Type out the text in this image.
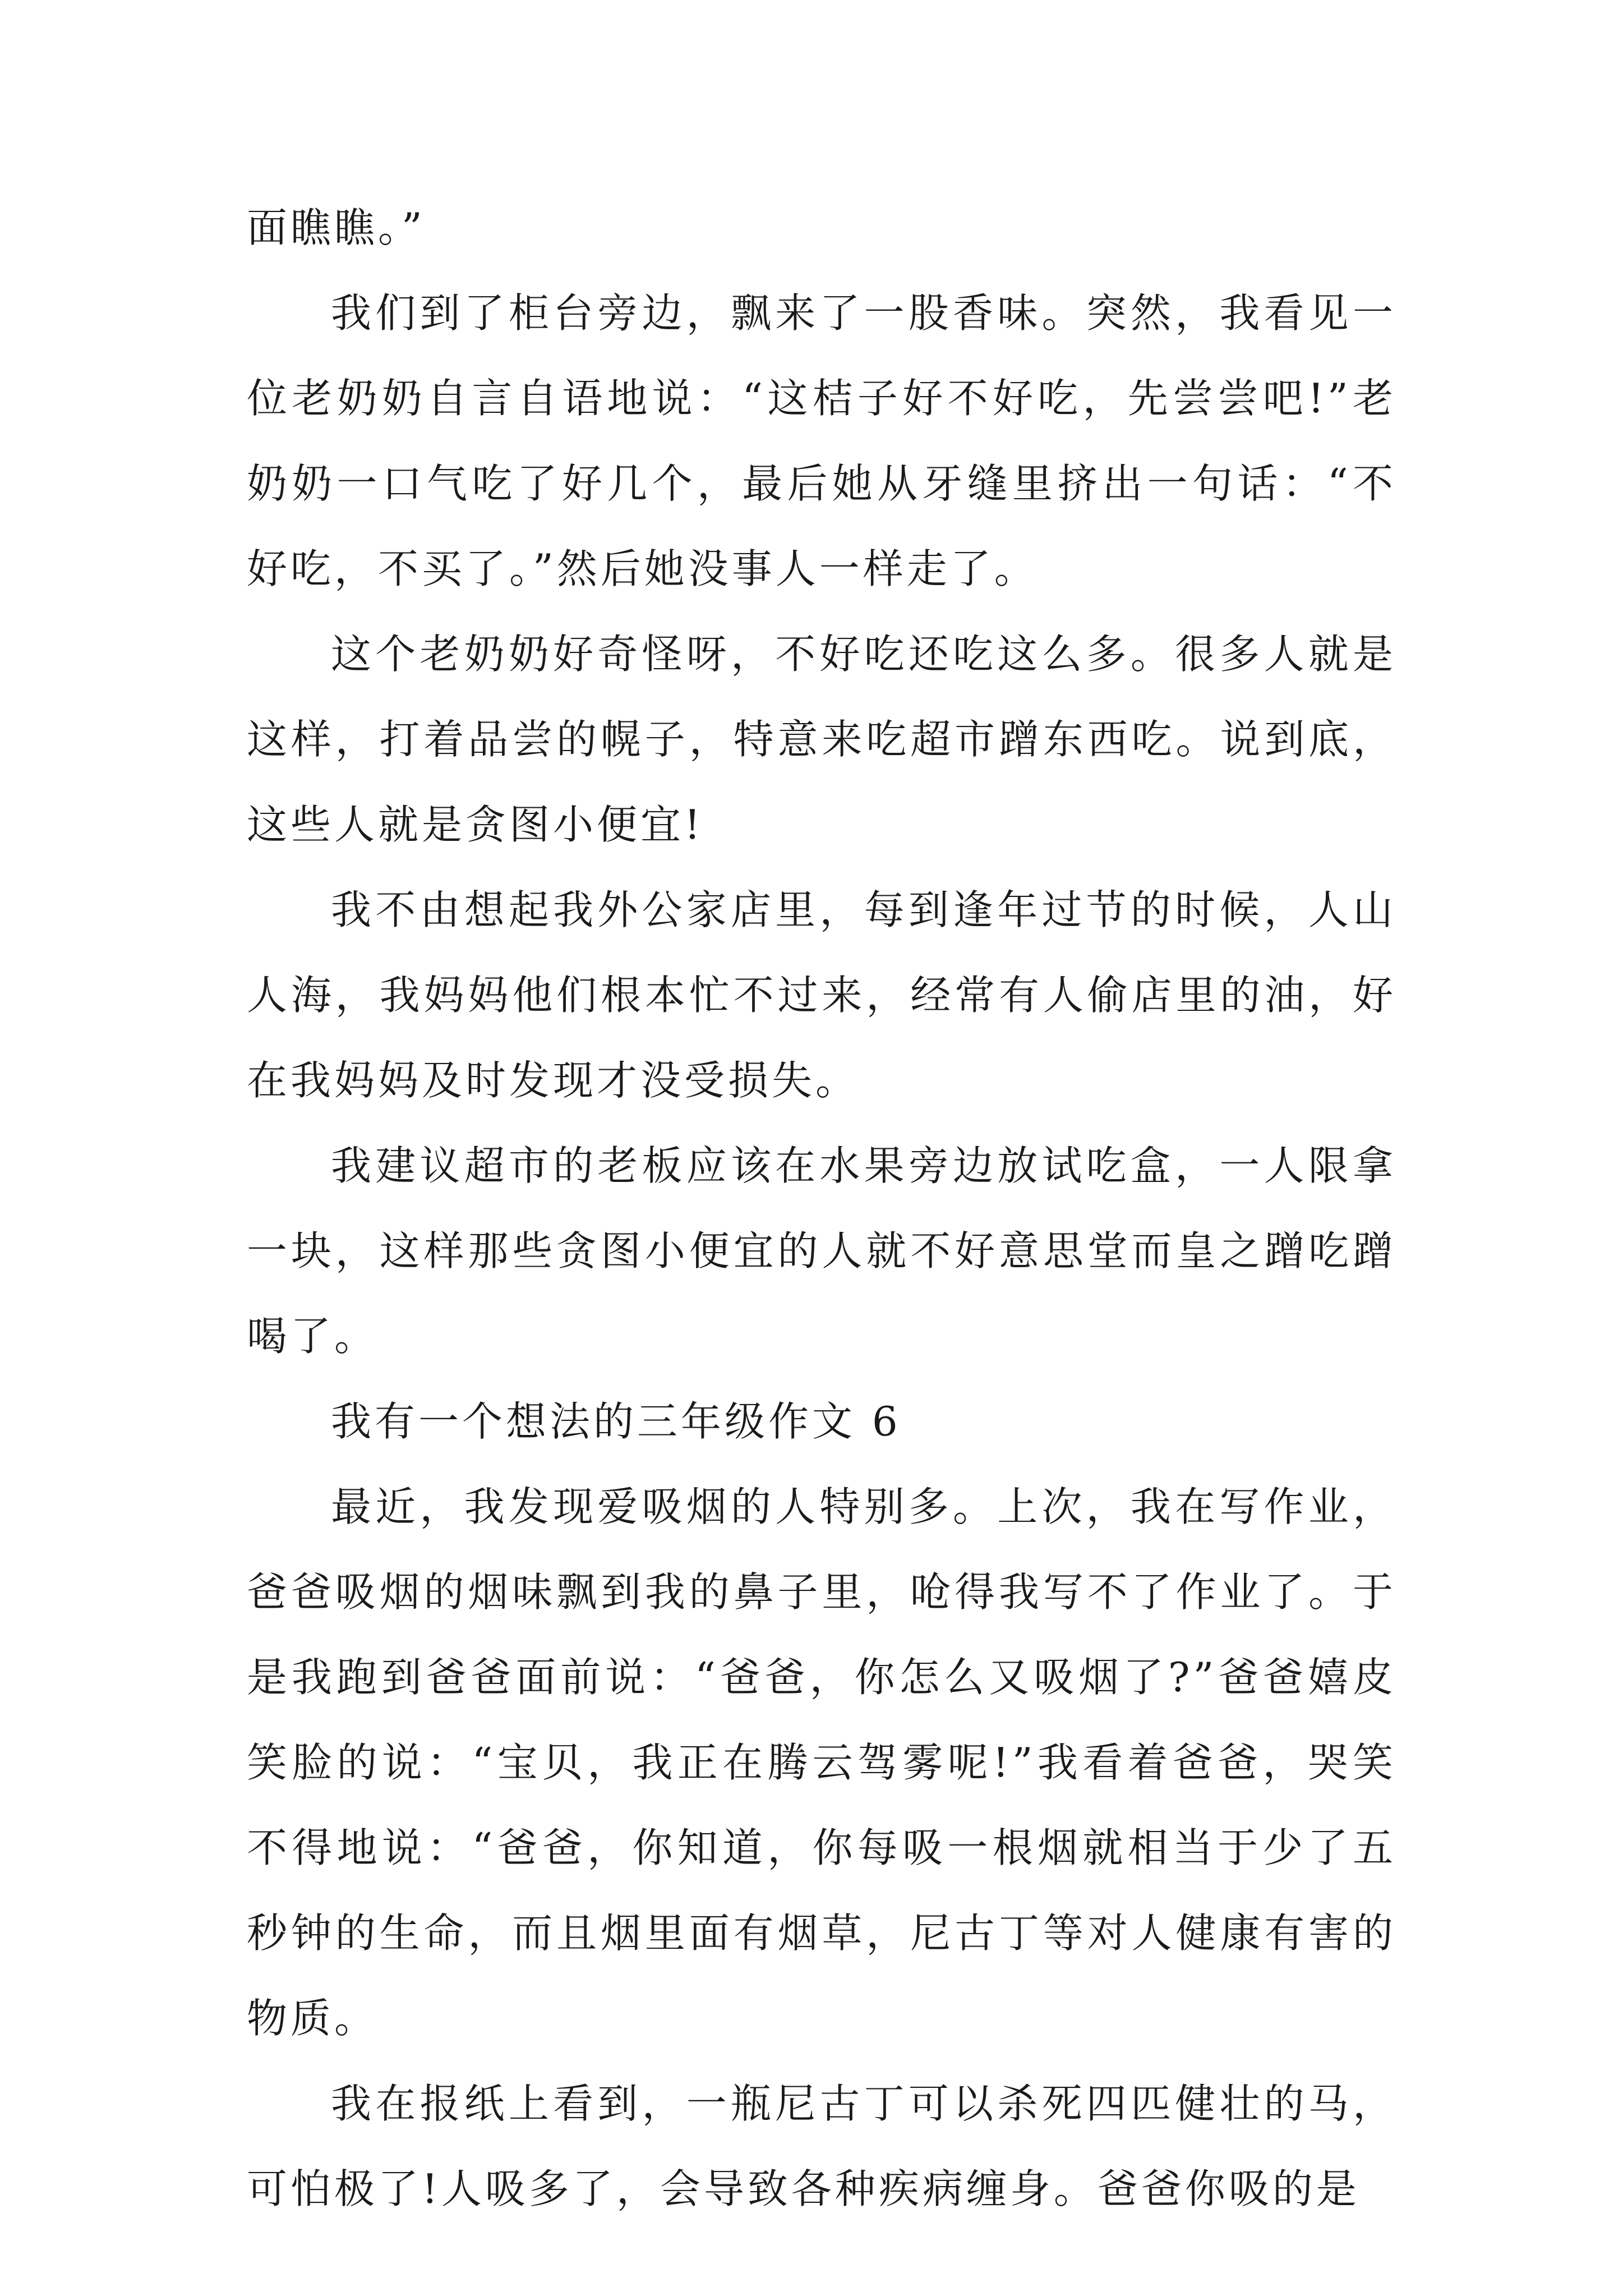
面瞧瞧。”

我们到了柜台旁边，飘来了一股香味。突然，我看见一位老奶奶自言自语地说：“这桔子好不好吃，先尝尝吧!”老奶奶一口气吃了好几个，最后她从牙缝里挤出一句话：“不好吃，不买了。”然后她没事人一样走了。

这个老奶奶好奇怪呀，不好吃还吃这么多。很多人就是这样，打着品尝的幌子，特意来吃超市蹭东西吃。说到底，这些人就是贪图小便宜!

我不由想起我外公家店里，每到逢年过节的时候，人山人海，我妈妈他们根本忙不过来，经常有人偷店里的油，好在我妈妈及时发现才没受损失。

我建议超市的老板应该在水果旁边放试吃盒，一人限拿一块，这样那些贪图小便宜的人就不好意思堂而皇之蹭吃蹭喝了。

我有一个想法的三年级作文 6

最近，我发现爱吸烟的人特别多。上次，我在写作业，爸爸吸烟的烟味飘到我的鼻子里，呛得我写不了作业了。于是我跑到爸爸面前说：“爸爸，你怎么又吸烟了?”爸爸嬉皮笑脸的说：“宝贝，我正在腾云驾雾呢!”我看着爸爸，哭笑不得地说：“爸爸，你知道，你每吸一根烟就相当于少了五秒钟的生命，而且烟里面有烟草，尼古丁等对人健康有害的物质。

我在报纸上看到，一瓶尼古丁可以杀死四匹健壮的马，可怕极了!人吸多了，会导致各种疾病缠身。爸爸你吸的是
